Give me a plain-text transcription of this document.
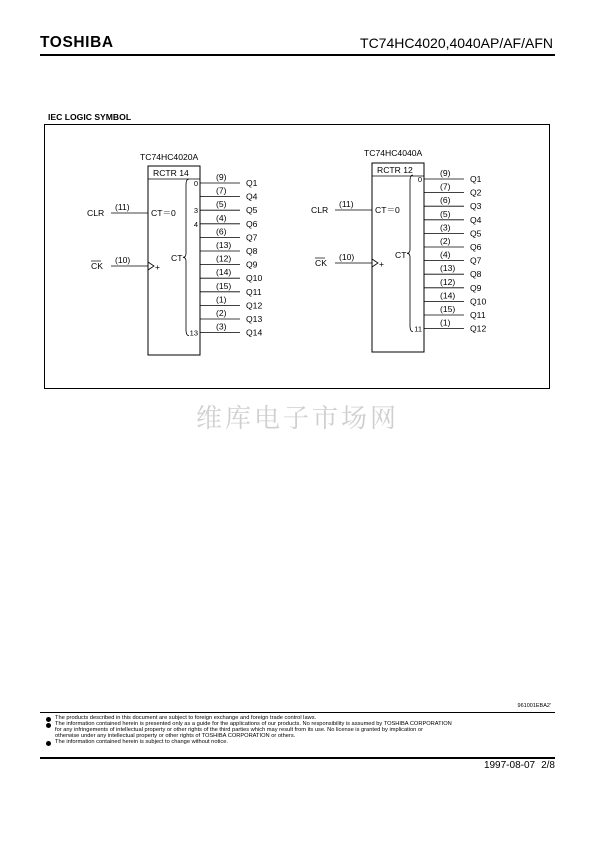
TOSHIBA	TC74HC4020,4040AP/AF/AFN
IEC LOGIC SYMBOL
TC74HC4020A
RCTR 14
CLR
(11)
CT＝0
CK
(10)
+
CT
(9)
Q1
0
(7)
Q4
(5)
Q5
3
(4)
Q6
4
(6)
Q7
(13)
Q8
(12)
Q9
(14)
Q10
(15)
Q11
(1)
Q12
(2)
Q13
(3)
Q14
13
TC74HC4040A
RCTR 12
CLR
(11)
CT＝0
CK
(10)
+
CT
(9)
Q1
0
(7)
Q2
(6)
Q3
(5)
Q4
(3)
Q5
(2)
Q6
(4)
Q7
(13)
Q8
(12)
Q9
(14)
Q10
(15)
Q11
(1)
Q12
11
维库电子市场网
961001EBA2'
The products described in this document are subject to foreign exchange and foreign trade control laws.
The information contained herein is presented only as a guide for the applications of our products. No responsibility is assumed by TOSHIBA CORPORATION
for any infringements of intellectual property or other rights of the third parties which may result from its use. No license is granted by implication or
otherwise under any intellectual property or other rights of TOSHIBA CORPORATION or others.
The information contained herein is subject to change without notice.
1997-08-07 2/8
